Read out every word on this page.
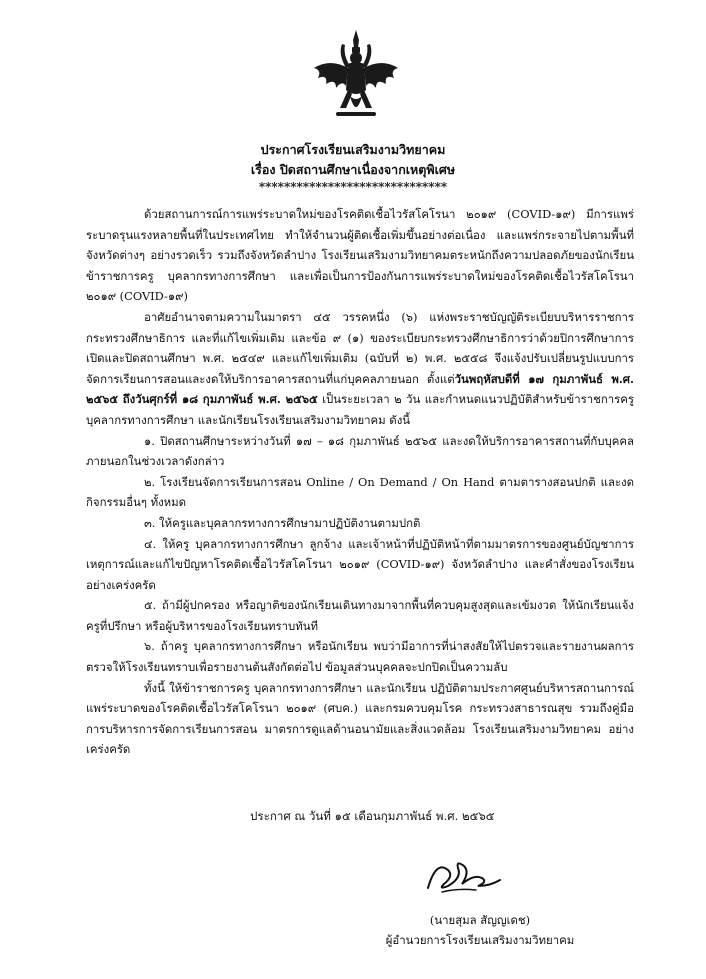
ประกาศโรงเรียนเสริมงามวิทยาคม
เรื่อง ปิดสถานศึกษาเนื่องจากเหตุพิเศษ
******************************

ด้วยสถานการณ์การแพร่ระบาดใหม่ของโรคติดเชื้อไวรัสโคโรนา ๒๐๑๙ (COVID-๑๙) มีการแพร่ระบาดรุนแรงหลายพื้นที่ในประเทศไทย ทำให้จำนวนผู้ติดเชื้อเพิ่มขึ้นอย่างต่อเนื่อง และแพร่กระจายไปตามพื้นที่จังหวัดต่างๆ อย่างรวดเร็ว รวมถึงจังหวัดลำปาง โรงเรียนเสริมงามวิทยาคมตระหนักถึงความปลอดภัยของนักเรียน ข้าราชการครู บุคลากรทางการศึกษา และเพื่อเป็นการป้องกันการแพร่ระบาดใหม่ของโรคติดเชื้อไวรัสโคโรนา ๒๐๑๙ (COVID-๑๙)

อาศัยอำนาจตามความในมาตรา ๔๕ วรรคหนึ่ง (๖) แห่งพระราชบัญญัติระเบียบบริหารราชการกระทรวงศึกษาธิการ และที่แก้ไขเพิ่มเติม และข้อ ๙ (๑) ของระเบียบกระทรวงศึกษาธิการว่าด้วยปิการศึกษาการเปิดและปิดสถานศึกษา พ.ศ. ๒๕๔๙ และแก้ไขเพิ่มเติม (ฉบับที่ ๒) พ.ศ. ๒๕๕๘ จึงแจ้งปรับเปลี่ยนรูปแบบการจัดการเรียนการสอนและงดให้บริการอาคารสถานที่แก่บุคคลภายนอก ตั้งแต่วันพฤหัสบดีที่ ๑๗ กุมภาพันธ์ พ.ศ. ๒๕๖๕ ถึงวันศุกร์ที่ ๑๘ กุมภาพันธ์ พ.ศ. ๒๕๖๕ เป็นระยะเวลา ๒ วัน และกำหนดแนวปฏิบัติสำหรับข้าราชการครู บุคลากรทางการศึกษา และนักเรียนโรงเรียนเสริมงามวิทยาคม ดังนี้

๑. ปิดสถานศึกษาระหว่างวันที่ ๑๗ – ๑๘ กุมภาพันธ์ ๒๕๖๕ และงดให้บริการอาคารสถานที่กับบุคคลภายนอกในช่วงเวลาดังกล่าว

๒. โรงเรียนจัดการเรียนการสอน Online / On Demand / On Hand ตามตารางสอนปกติ และงดกิจกรรมอื่นๆ ทั้งหมด

๓. ให้ครูและบุคลากรทางการศึกษามาปฏิบัติงานตามปกติ

๔. ให้ครู บุคลากรทางการศึกษา ลูกจ้าง และเจ้าหน้าที่ปฏิบัติหน้าที่ตามมาตรการของศูนย์บัญชาการเหตุการณ์และแก้ไขปัญหาโรคติดเชื้อไวรัสโคโรนา ๒๐๑๙ (COVID-๑๙) จังหวัดลำปาง และคำสั่งของโรงเรียนอย่างเคร่งครัด

๕. ถ้ามีผู้ปกครอง หรือญาติของนักเรียนเดินทางมาจากพื้นที่ควบคุมสูงสุดและเข้มงวด ให้นักเรียนแจ้งครูที่ปรึกษา หรือผู้บริหารของโรงเรียนทราบทันที

๖. ถ้าครู บุคลากรทางการศึกษา หรือนักเรียน พบว่ามีอาการที่น่าสงสัยให้ไปตรวจและรายงานผลการตรวจให้โรงเรียนทราบเพื่อรายงานต้นสังกัดต่อไป ข้อมูลส่วนบุคคลจะปกปิดเป็นความลับ

ทั้งนี้ ให้ข้าราชการครู บุคลากรทางการศึกษา และนักเรียน ปฏิบัติตามประกาศศูนย์บริหารสถานการณ์แพร่ระบาดของโรคติดเชื้อไวรัสโคโรนา ๒๐๑๙ (ศบค.) และกรมควบคุมโรค กระทรวงสาธารณสุข รวมถึงคู่มือการบริหารการจัดการเรียนการสอน มาตรการดูแลด้านอนามัยและสิ่งแวดล้อม โรงเรียนเสริมงามวิทยาคม อย่างเคร่งครัด

ประกาศ ณ วันที่ ๑๕ เดือนกุมภาพันธ์ พ.ศ. ๒๕๖๕
(นายสุมล สัญญเดช)
ผู้อำนวยการโรงเรียนเสริมงามวิทยาคม
